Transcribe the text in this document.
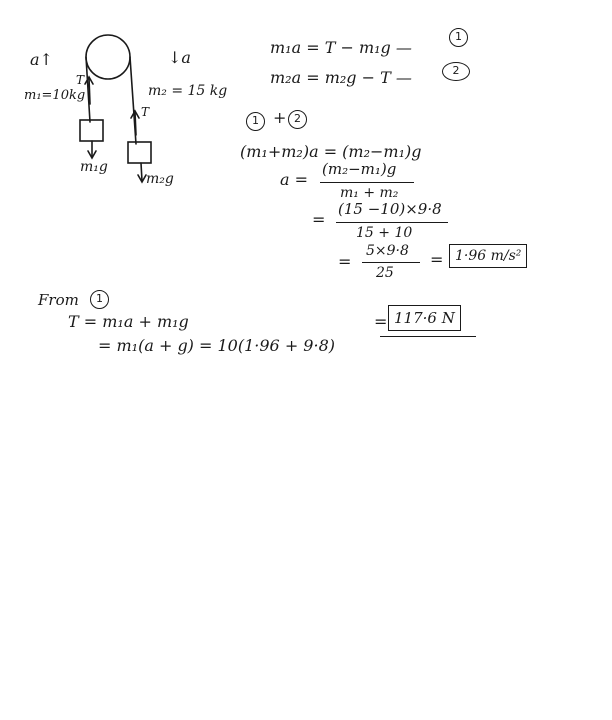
a↑	↓a
T
T
m₁=10kg	m₂ = 15 kg
m₁g
m₂g
m₁a = T − m₁g —
1
m₂a = m₂g − T —	2
1 + 2
(m₁+m₂)a = (m₂−m₁)g
a =
(m₂−m₁)g
m₁ + m₂
=
(15 −10)×9·8
15 + 10
=
5×9·8
25
= 1·96 m/s²
From	1
T = m₁a + m₁g
= m₁(a + g) = 10(1·96 + 9·8)
= 117·6 N
